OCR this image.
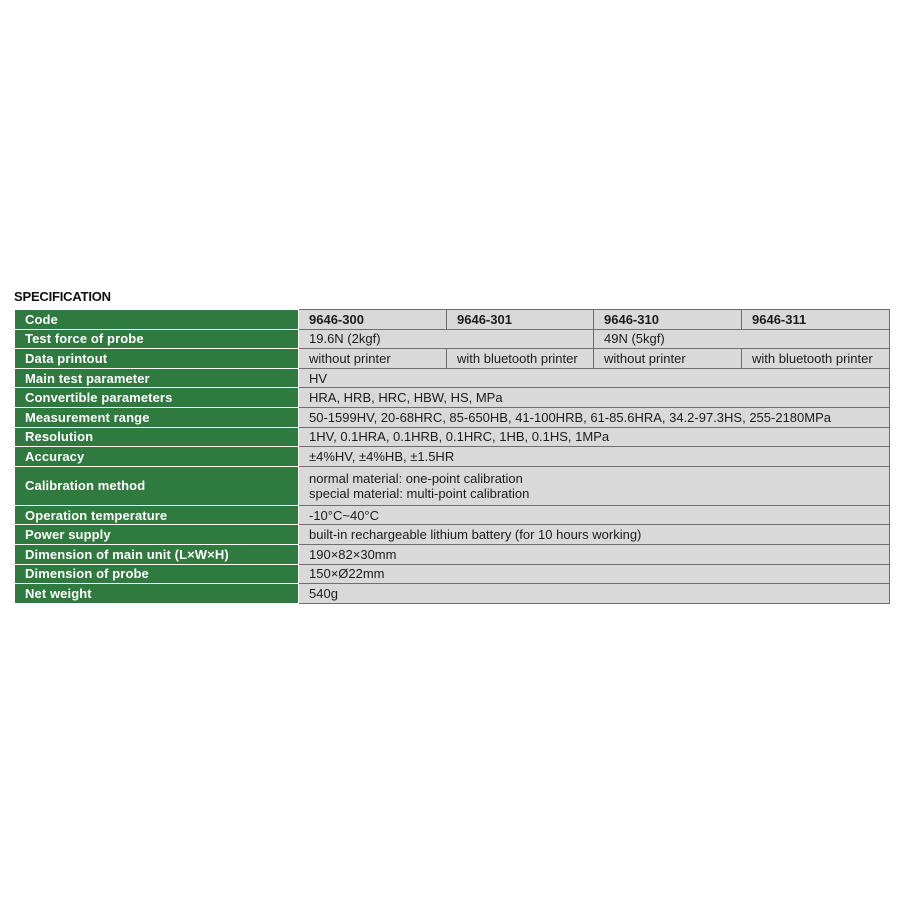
SPECIFICATION
Code	9646-300	9646-301	9646-310	9646-311
Test force of probe	19.6N (2kgf)		49N (5kgf)	
Data printout	without printer	with bluetooth printer	without printer	with bluetooth printer
Main test parameter	HV			
Convertible parameters	HRA, HRB, HRC, HBW, HS, MPa			
Measurement range	50-1599HV, 20-68HRC, 85-650HB, 41-100HRB, 61-85.6HRA, 34.2-97.3HS, 255-2180MPa			
Resolution	1HV, 0.1HRA, 0.1HRB, 0.1HRC, 1HB, 0.1HS, 1MPa			
Accuracy	±4%HV, ±4%HB, ±1.5HR			
Calibration method	normal material: one-point calibration
special material: multi-point calibration			

Operation temperature	-10°C~40°C			
Power supply	built-in rechargeable lithium battery (for 10 hours working)			
Dimension of main unit (L×W×H)	190×82×30mm			
Dimension of probe	150×Ø22mm			
Net weight	540g			
